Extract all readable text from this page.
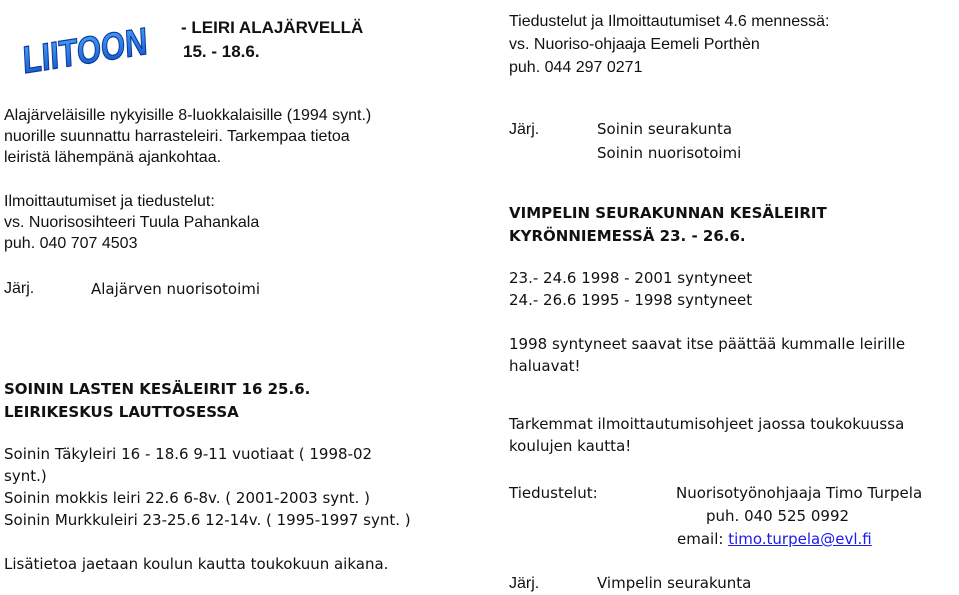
LIITOON - LEIRI ALAJÄRVELLÄ
15. - 18.6.
Alajärveläisille nykyisille 8-luokkalaisille (1994 synt.)
nuorille suunnattu harrasteleiri. Tarkempaa tietoa
leiristä lähempänä ajankohtaa.
Ilmoittautumiset ja tiedustelut:
vs. Nuorisosihteeri Tuula Pahankala
puh. 040 707 4503
Järj.	Alajärven nuorisotoimi
SOININ LASTEN KESÄLEIRIT 16 25.6.
LEIRIKESKUS LAUTTOSESSA
Soinin Täkyleiri 16 - 18.6 9-11 vuotiaat ( 1998-02
synt.)
Soinin mokkis leiri 22.6 6-8v. ( 2001-2003 synt. )
Soinin Murkkuleiri 23-25.6 12-14v. ( 1995-1997 synt. )
Lisätietoa jaetaan koulun kautta toukokuun aikana.
Tiedustelut ja Ilmoittautumiset 4.6 mennessä:
vs. Nuoriso-ohjaaja Eemeli Porthèn
puh. 044 297 0271
Järj.	Soinin seurakunta
Soinin nuorisotoimi
VIMPELIN SEURAKUNNAN KESÄLEIRIT
KYRÖNNIEMESSÄ 23. - 26.6.
23.- 24.6 1998 - 2001 syntyneet
24.- 26.6 1995 - 1998 syntyneet
1998 syntyneet saavat itse päättää kummalle leirille
haluavat!
Tarkemmat ilmoittautumisohjeet jaossa toukokuussa
koulujen kautta!
Tiedustelut:	Nuorisotyönohjaaja Timo Turpela
puh. 040 525 0992
email: timo.turpela@evl.fi
Järj.	Vimpelin seurakunta
